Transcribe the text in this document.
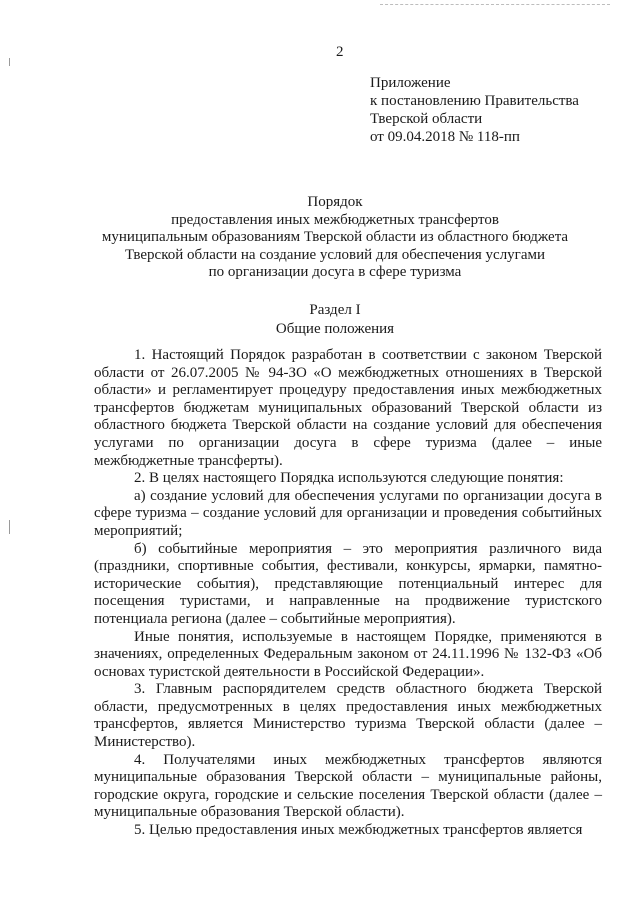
2
Приложение
к постановлению Правительства
Тверской области
от 09.04.2018 № 118-пп
Порядок
предоставления иных межбюджетных трансфертов
муниципальным образованиям Тверской области из областного бюджета
Тверской области на создание условий для обеспечения услугами
по организации досуга в сфере туризма
Раздел I
Общие положения

1. Настоящий Порядок разработан в соответствии с законом Тверской области от 26.07.2005 № 94-ЗО «О межбюджетных отношениях в Тверской области» и регламентирует процедуру предоставления иных межбюджетных трансфертов бюджетам муниципальных образований Тверской области из областного бюджета Тверской области на создание условий для обеспечения услугами по организации досуга в сфере туризма (далее – иные межбюджетные трансферты).

2. В целях настоящего Порядка используются следующие понятия:

а) создание условий для обеспечения услугами по организации досуга в сфере туризма – создание условий для организации и проведения событийных мероприятий;

б) событийные мероприятия – это мероприятия различного вида (праздники, спортивные события, фестивали, конкурсы, ярмарки, памятно-исторические события), представляющие потенциальный интерес для посещения туристами, и направленные на продвижение туристского потенциала региона (далее – событийные мероприятия).

Иные понятия, используемые в настоящем Порядке, применяются в значениях, определенных Федеральным законом от 24.11.1996 № 132-ФЗ «Об основах туристской деятельности в Российской Федерации».

3. Главным распорядителем средств областного бюджета Тверской области, предусмотренных в целях предоставления иных межбюджетных трансфертов, является Министерство туризма Тверской области (далее – Министерство).

4. Получателями иных межбюджетных трансфертов являются муниципальные образования Тверской области – муниципальные районы, городские округа, городские и сельские поселения Тверской области (далее – муниципальные образования Тверской области).

5. Целью предоставления иных межбюджетных трансфертов является
